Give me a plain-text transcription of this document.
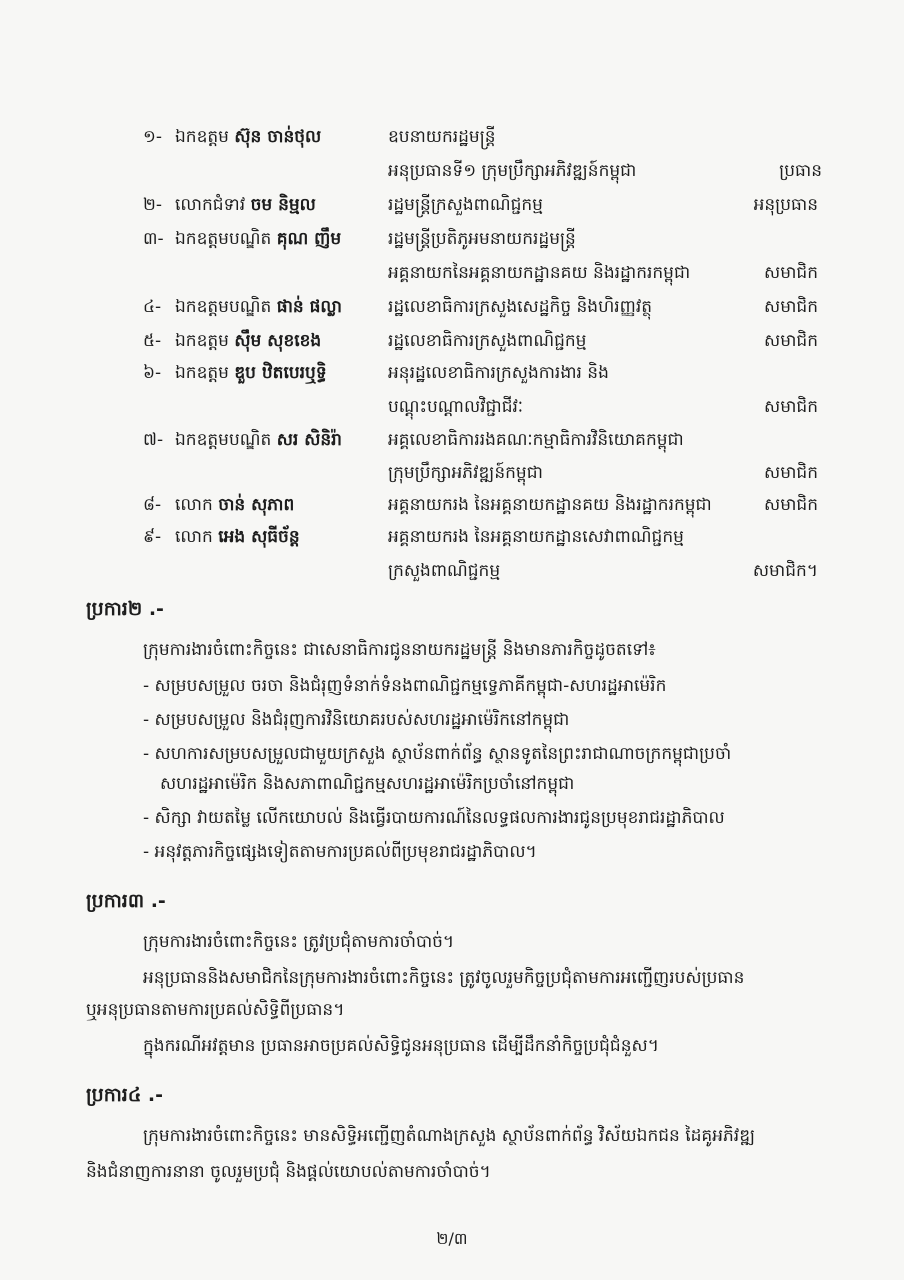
១- ឯកឧត្តម ស៊ុន ចាន់ថុល	ឧបនាយករដ្ឋមន្ត្រី
អនុប្រធានទី១ ក្រុមប្រឹក្សាអភិវឌ្ឍន៍កម្ពុជា	ប្រធាន
២- លោកជំទាវ ចម និម្មល	រដ្ឋមន្ត្រីក្រសួងពាណិជ្ជកម្ម	អនុប្រធាន
៣- ឯកឧត្តមបណ្ឌិត គុណ ញឹម	រដ្ឋមន្ត្រីប្រតិភូអមនាយករដ្ឋមន្ត្រី
អគ្គនាយកនៃអគ្គនាយកដ្ឋានគយ និងរដ្ឋាករកម្ពុជា	សមាជិក
៤- ឯកឧត្តមបណ្ឌិត ផាន់ ផល្លា	រដ្ឋលេខាធិការក្រសួងសេដ្ឋកិច្ច និងហិរញ្ញវត្ថុ	សមាជិក
៥- ឯកឧត្តម ស៊ឹម សុខខេង	រដ្ឋលេខាធិការក្រសួងពាណិជ្ជកម្ម	សមាជិក
៦- ឯកឧត្តម ឌួប ឋិតបេរឬទ្ធិ	អនុរដ្ឋលេខាធិការក្រសួងការងារ និង
បណ្តុះបណ្តាលវិជ្ជាជីវៈ	សមាជិក
៧- ឯកឧត្តមបណ្ឌិត សរ សិនិរ៉ា	អគ្គលេខាធិការរងគណៈកម្មាធិការវិនិយោគកម្ពុជា
ក្រុមប្រឹក្សាអភិវឌ្ឍន៍កម្ពុជា	សមាជិក
៨- លោក ចាន់ សុភាព	អគ្គនាយករង នៃអគ្គនាយកដ្ឋានគយ និងរដ្ឋាករកម្ពុជា	សមាជិក
៩- លោក អេង សុធីច័ន្ត	អគ្គនាយករង នៃអគ្គនាយកដ្ឋានសេវាពាណិជ្ជកម្ម
ក្រសួងពាណិជ្ជកម្ម	សមាជិក។
ប្រការ២ .-
ក្រុមការងារចំពោះកិច្ចនេះ ជាសេនាធិការជូននាយករដ្ឋមន្ត្រី និងមានភារកិច្ចដូចតទៅ៖
- សម្របសម្រួល ចរចា និងជំរុញទំនាក់ទំនងពាណិជ្ជកម្មទ្វេភាគីកម្ពុជា-សហរដ្ឋអាម៉េរិក
- សម្របសម្រួល និងជំរុញការវិនិយោគរបស់សហរដ្ឋអាម៉េរិកនៅកម្ពុជា
- សហការសម្របសម្រួលជាមួយក្រសួង ស្ថាប័នពាក់ព័ន្ធ ស្ថានទូតនៃព្រះរាជាណាចក្រកម្ពុជាប្រចាំ
សហរដ្ឋអាម៉េរិក និងសភាពាណិជ្ជកម្មសហរដ្ឋអាម៉េរិកប្រចាំនៅកម្ពុជា
- សិក្សា វាយតម្លៃ លើកយោបល់ និងធ្វើរបាយការណ៍នៃលទ្ធផលការងារជូនប្រមុខរាជរដ្ឋាភិបាល
- អនុវត្តភារកិច្ចផ្សេងទៀតតាមការប្រគល់ពីប្រមុខរាជរដ្ឋាភិបាល។
ប្រការ៣ .-
ក្រុមការងារចំពោះកិច្ចនេះ ត្រូវប្រជុំតាមការចាំបាច់។
អនុប្រធាននិងសមាជិកនៃក្រុមការងារចំពោះកិច្ចនេះ ត្រូវចូលរួមកិច្ចប្រជុំតាមការអញ្ជើញរបស់ប្រធាន
ឬអនុប្រធានតាមការប្រគល់សិទ្ធិពីប្រធាន។
ក្នុងករណីអវត្តមាន ប្រធានអាចប្រគល់សិទ្ធិជូនអនុប្រធាន ដើម្បីដឹកនាំកិច្ចប្រជុំជំនួស។
ប្រការ៤ .-
ក្រុមការងារចំពោះកិច្ចនេះ មានសិទ្ធិអញ្ជើញតំណាងក្រសួង ស្ថាប័នពាក់ព័ន្ធ វិស័យឯកជន ដៃគូអភិវឌ្ឍ
និងជំនាញការនានា ចូលរួមប្រជុំ និងផ្តល់យោបល់តាមការចាំបាច់។
២/៣
